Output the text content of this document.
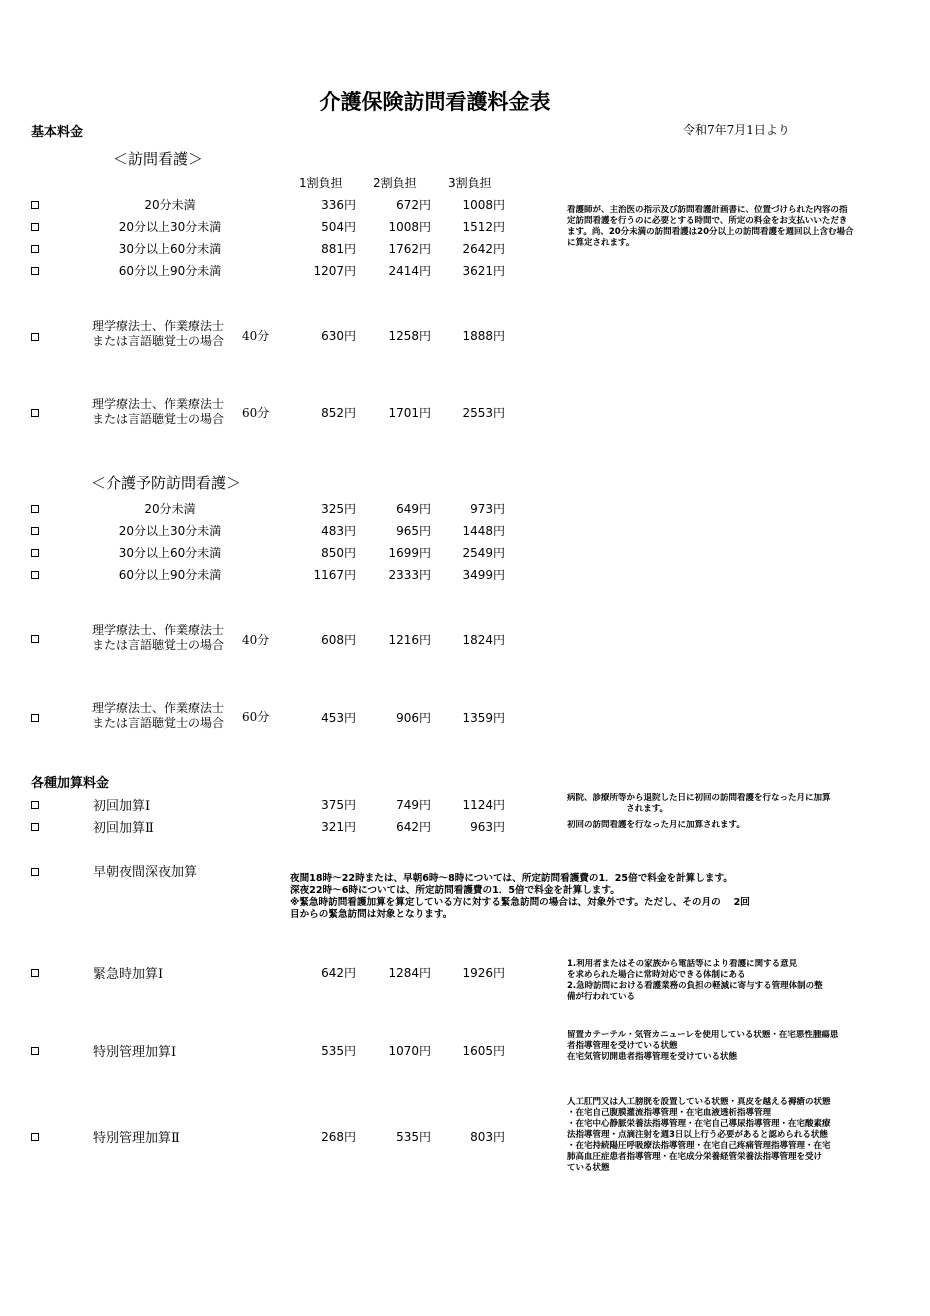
介護保険訪問看護料金表
基本料金	令和7年7月1日より
＜訪問看護＞
1割負担	2割負担	3割負担
20分未満	336円	672円	1008円
20分以上30分未満	504円	1008円	1512円
30分以上60分未満	881円	1762円	2642円
60分以上90分未満	1207円	2414円	3621円
看護師が、主治医の指示及び訪問看護計画書に、位置づけられた内容の指
定訪問看護を行うのに必要とする時間で、所定の料金をお支払いいただき
ます。尚、20分未満の訪問看護は20分以上の訪問看護を週回以上含む場合に算定されます。
理学療法士、作業療法士
または言語聴覚士の場合 40分	630円	1258円	1888円
理学療法士、作業療法士
または言語聴覚士の場合 60分	852円	1701円	2553円
＜介護予防訪問看護＞
20分未満	325円	649円	973円
20分以上30分未満	483円	965円	1448円
30分以上60分未満	850円	1699円	2549円
60分以上90分未満	1167円	2333円	3499円
理学療法士、作業療法士
または言語聴覚士の場合 40分	608円	1216円	1824円
理学療法士、作業療法士
または言語聴覚士の場合 60分	453円	906円	1359円
各種加算料金
初回加算Ⅰ	375円	749円	1124円	病院、診療所等から退院した日に初回の訪問看護を行なった月に加算
されます。
初回加算Ⅱ	321円	642円	963円	初回の訪問看護を行なった月に加算されます。
早朝夜間深夜加算	夜間18時～22時または、早朝6時～8時については、所定訪問看護費の1．25倍で料金を計算します。
深夜22時～6時については、所定訪問看護費の1．5倍で料金を計算します。
※緊急時訪問看護加算を算定している方に対する緊急訪問の場合は、対象外です。ただし、その月の　 2回
目からの緊急訪問は対象となります。
緊急時加算Ⅰ	642円	1284円	1926円
1.利用者またはその家族から電話等により看護に関する意見
を求められた場合に常時対応できる体制にある
2.急時訪問における看護業務の負担の軽減に寄与する管理体制の整
備が行われている
特別管理加算Ⅰ	535円	1070円	1605円
留置カテーテル・気管カニューレを使用している状態・在宅悪性腫瘍患
者指導管理を受けている状態
在宅気管切開患者指導管理を受けている状態
特別管理加算Ⅱ	268円	535円	803円
人工肛門又は人工膀胱を設置している状態・真皮を越える褥瘡の状態
・在宅自己腹膜灌流指導管理・在宅血液透析指導管理
・在宅中心静脈栄養法指導管理・在宅自己導尿指導管理・在宅酸素療
法指導管理・点滴注射を週3日以上行う必要があると認められる状態
・在宅持続陽圧呼吸療法指導管理・在宅自己疼痛管理指導管理・在宅
肺高血圧症患者指導管理・在宅成分栄養経管栄養法指導管理を受け
ている状態
